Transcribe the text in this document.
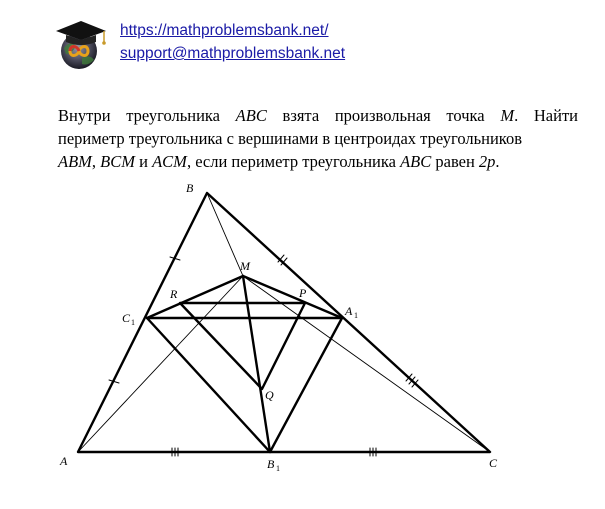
https://mathproblemsbank.net/
support@mathproblemsbank.net
Внутри треугольника ABC взята произвольная точка M. Найти
периметр треугольника с вершинами в центроидах треугольников
ABM, BCM и ACM, если периметр треугольника ABC равен 2p.
A
B
C
M
R	P
Q
C 1
A 1
B 1
